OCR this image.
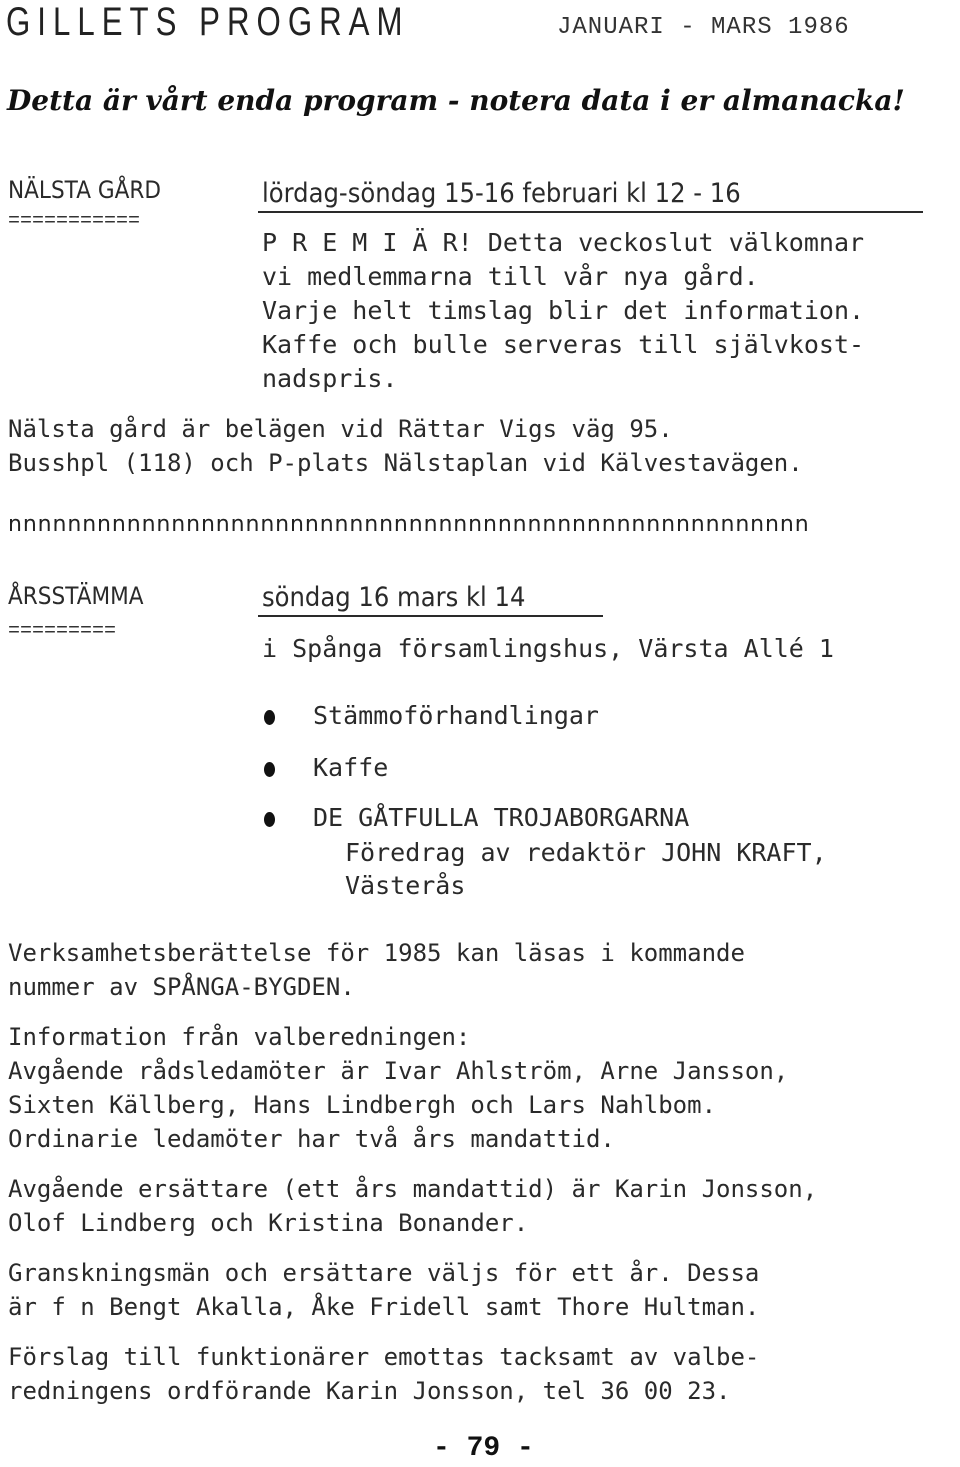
GILLETS PROGRAM	JANUARI - MARS 1986
Detta är vårt enda program - notera data i er almanacka!
NÄLSTA GÅRD
===========
lördag-söndag 15-16 februari kl 12 - 16
P R E M I Ä R! Detta veckoslut välkomnar
vi medlemmarna till vår nya gård.
Varje helt timslag blir det information.
Kaffe och bulle serveras till självkost-
nadspris.
Nälsta gård är belägen vid Rättar Vigs väg 95.
Busshpl (118) och P-plats Nälstaplan vid Kälvestavägen.
nnnnnnnnnnnnnnnnnnnnnnnnnnnnnnnnnnnnnnnnnnnnnnnnnnnnnn
ÅRSSTÄMMA
=========
söndag 16 mars kl 14
i Spånga församlingshus, Värsta Allé 1
Stämmoförhandlingar
Kaffe
DE GÅTFULLA TROJABORGARNA
Föredrag av redaktör JOHN KRAFT,
Västerås
Verksamhetsberättelse för 1985 kan läsas i kommande
nummer av SPÅNGA-BYGDEN.
Information från valberedningen:
Avgående rådsledamöter är Ivar Ahlström, Arne Jansson,
Sixten Källberg, Hans Lindbergh och Lars Nahlbom.
Ordinarie ledamöter har två års mandattid.
Avgående ersättare (ett års mandattid) är Karin Jonsson,
Olof Lindberg och Kristina Bonander.
Granskningsmän och ersättare väljs för ett år. Dessa
är f n Bengt Akalla, Åke Fridell samt Thore Hultman.
Förslag till funktionärer emottas tacksamt av valbe-
redningens ordförande Karin Jonsson, tel 36 00 23.
- 79 -
